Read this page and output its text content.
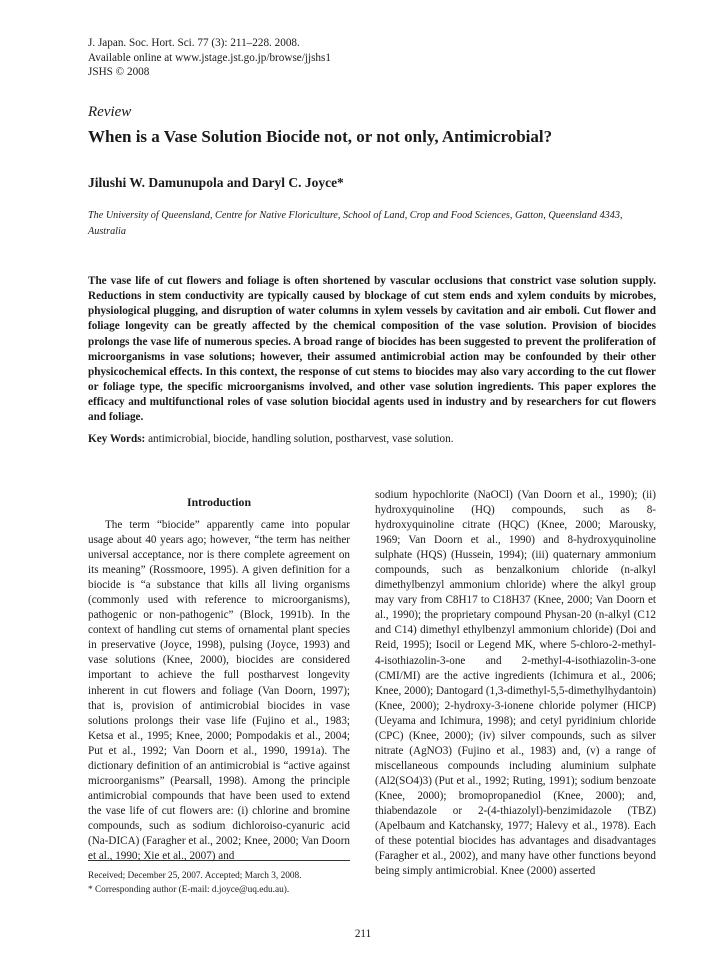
J. Japan. Soc. Hort. Sci. 77 (3): 211–228. 2008.
Available online at www.jstage.jst.go.jp/browse/jjshs1
JSHS © 2008
Review
When is a Vase Solution Biocide not, or not only, Antimicrobial?
Jilushi W. Damunupola and Daryl C. Joyce*
The University of Queensland, Centre for Native Floriculture, School of Land, Crop and Food Sciences, Gatton, Queensland 4343, Australia
The vase life of cut flowers and foliage is often shortened by vascular occlusions that constrict vase solution supply. Reductions in stem conductivity are typically caused by blockage of cut stem ends and xylem conduits by microbes, physiological plugging, and disruption of water columns in xylem vessels by cavitation and air emboli. Cut flower and foliage longevity can be greatly affected by the chemical composition of the vase solution. Provision of biocides prolongs the vase life of numerous species. A broad range of biocides has been suggested to prevent the proliferation of microorganisms in vase solutions; however, their assumed antimicrobial action may be confounded by their other physicochemical effects. In this context, the response of cut stems to biocides may also vary according to the cut flower or foliage type, the specific microorganisms involved, and other vase solution ingredients. This paper explores the efficacy and multifunctional roles of vase solution biocidal agents used in industry and by researchers for cut flowers and foliage.
Key Words: antimicrobial, biocide, handling solution, postharvest, vase solution.
Introduction
The term “biocide” apparently came into popular usage about 40 years ago; however, “the term has neither universal acceptance, nor is there complete agreement on its meaning” (Rossmoore, 1995). A given definition for a biocide is “a substance that kills all living organisms (commonly used with reference to microorganisms), pathogenic or non-pathogenic” (Block, 1991b). In the context of handling cut stems of ornamental plant species in preservative (Joyce, 1998), pulsing (Joyce, 1993) and vase solutions (Knee, 2000), biocides are considered important to achieve the full postharvest longevity inherent in cut flowers and foliage (Van Doorn, 1997); that is, provision of antimicrobial biocides in vase solutions prolongs their vase life (Fujino et al., 1983; Ketsa et al., 1995; Knee, 2000; Pompodakis et al., 2004; Put et al., 1992; Van Doorn et al., 1990, 1991a). The dictionary definition of an antimicrobial is “active against microorganisms” (Pearsall, 1998). Among the principle antimicrobial compounds that have been used to extend the vase life of cut flowers are: (i) chlorine and bromine compounds, such as sodium dichloroiso-cyanuric acid (Na-DICA) (Faragher et al., 2002; Knee, 2000; Van Doorn et al., 1990; Xie et al., 2007) and
sodium hypochlorite (NaOCl) (Van Doorn et al., 1990); (ii) hydroxyquinoline (HQ) compounds, such as 8-hydroxyquinoline citrate (HQC) (Knee, 2000; Marousky, 1969; Van Doorn et al., 1990) and 8-hydroxyquinoline sulphate (HQS) (Hussein, 1994); (iii) quaternary ammonium compounds, such as benzalkonium chloride (n-alkyl dimethylbenzyl ammonium chloride) where the alkyl group may vary from C8H17 to C18H37 (Knee, 2000; Van Doorn et al., 1990); the proprietary compound Physan-20 (n-alkyl (C12 and C14) dimethyl ethylbenzyl ammonium chloride) (Doi and Reid, 1995); Isocil or Legend MK, where 5-chloro-2-methyl-4-isothiazolin-3-one and 2-methyl-4-isothiazolin-3-one (CMI/MI) are the active ingredients (Ichimura et al., 2006; Knee, 2000); Dantogard (1,3-dimethyl-5,5-dimethylhydantoin) (Knee, 2000); 2-hydroxy-3-ionene chloride polymer (HICP) (Ueyama and Ichimura, 1998); and cetyl pyridinium chloride (CPC) (Knee, 2000); (iv) silver compounds, such as silver nitrate (AgNO3) (Fujino et al., 1983) and, (v) a range of miscellaneous compounds including aluminium sulphate (Al2(SO4)3) (Put et al., 1992; Ruting, 1991); sodium benzoate (Knee, 2000); bromopropanediol (Knee, 2000); and, thiabendazole or 2-(4-thiazolyl)-benzimidazole (TBZ) (Apelbaum and Katchansky, 1977; Halevy et al., 1978). Each of these potential biocides has advantages and disadvantages (Faragher et al., 2002), and many have other functions beyond being simply antimicrobial. Knee (2000) asserted
Received; December 25, 2007. Accepted; March 3, 2008.
* Corresponding author (E-mail: d.joyce@uq.edu.au).
211
